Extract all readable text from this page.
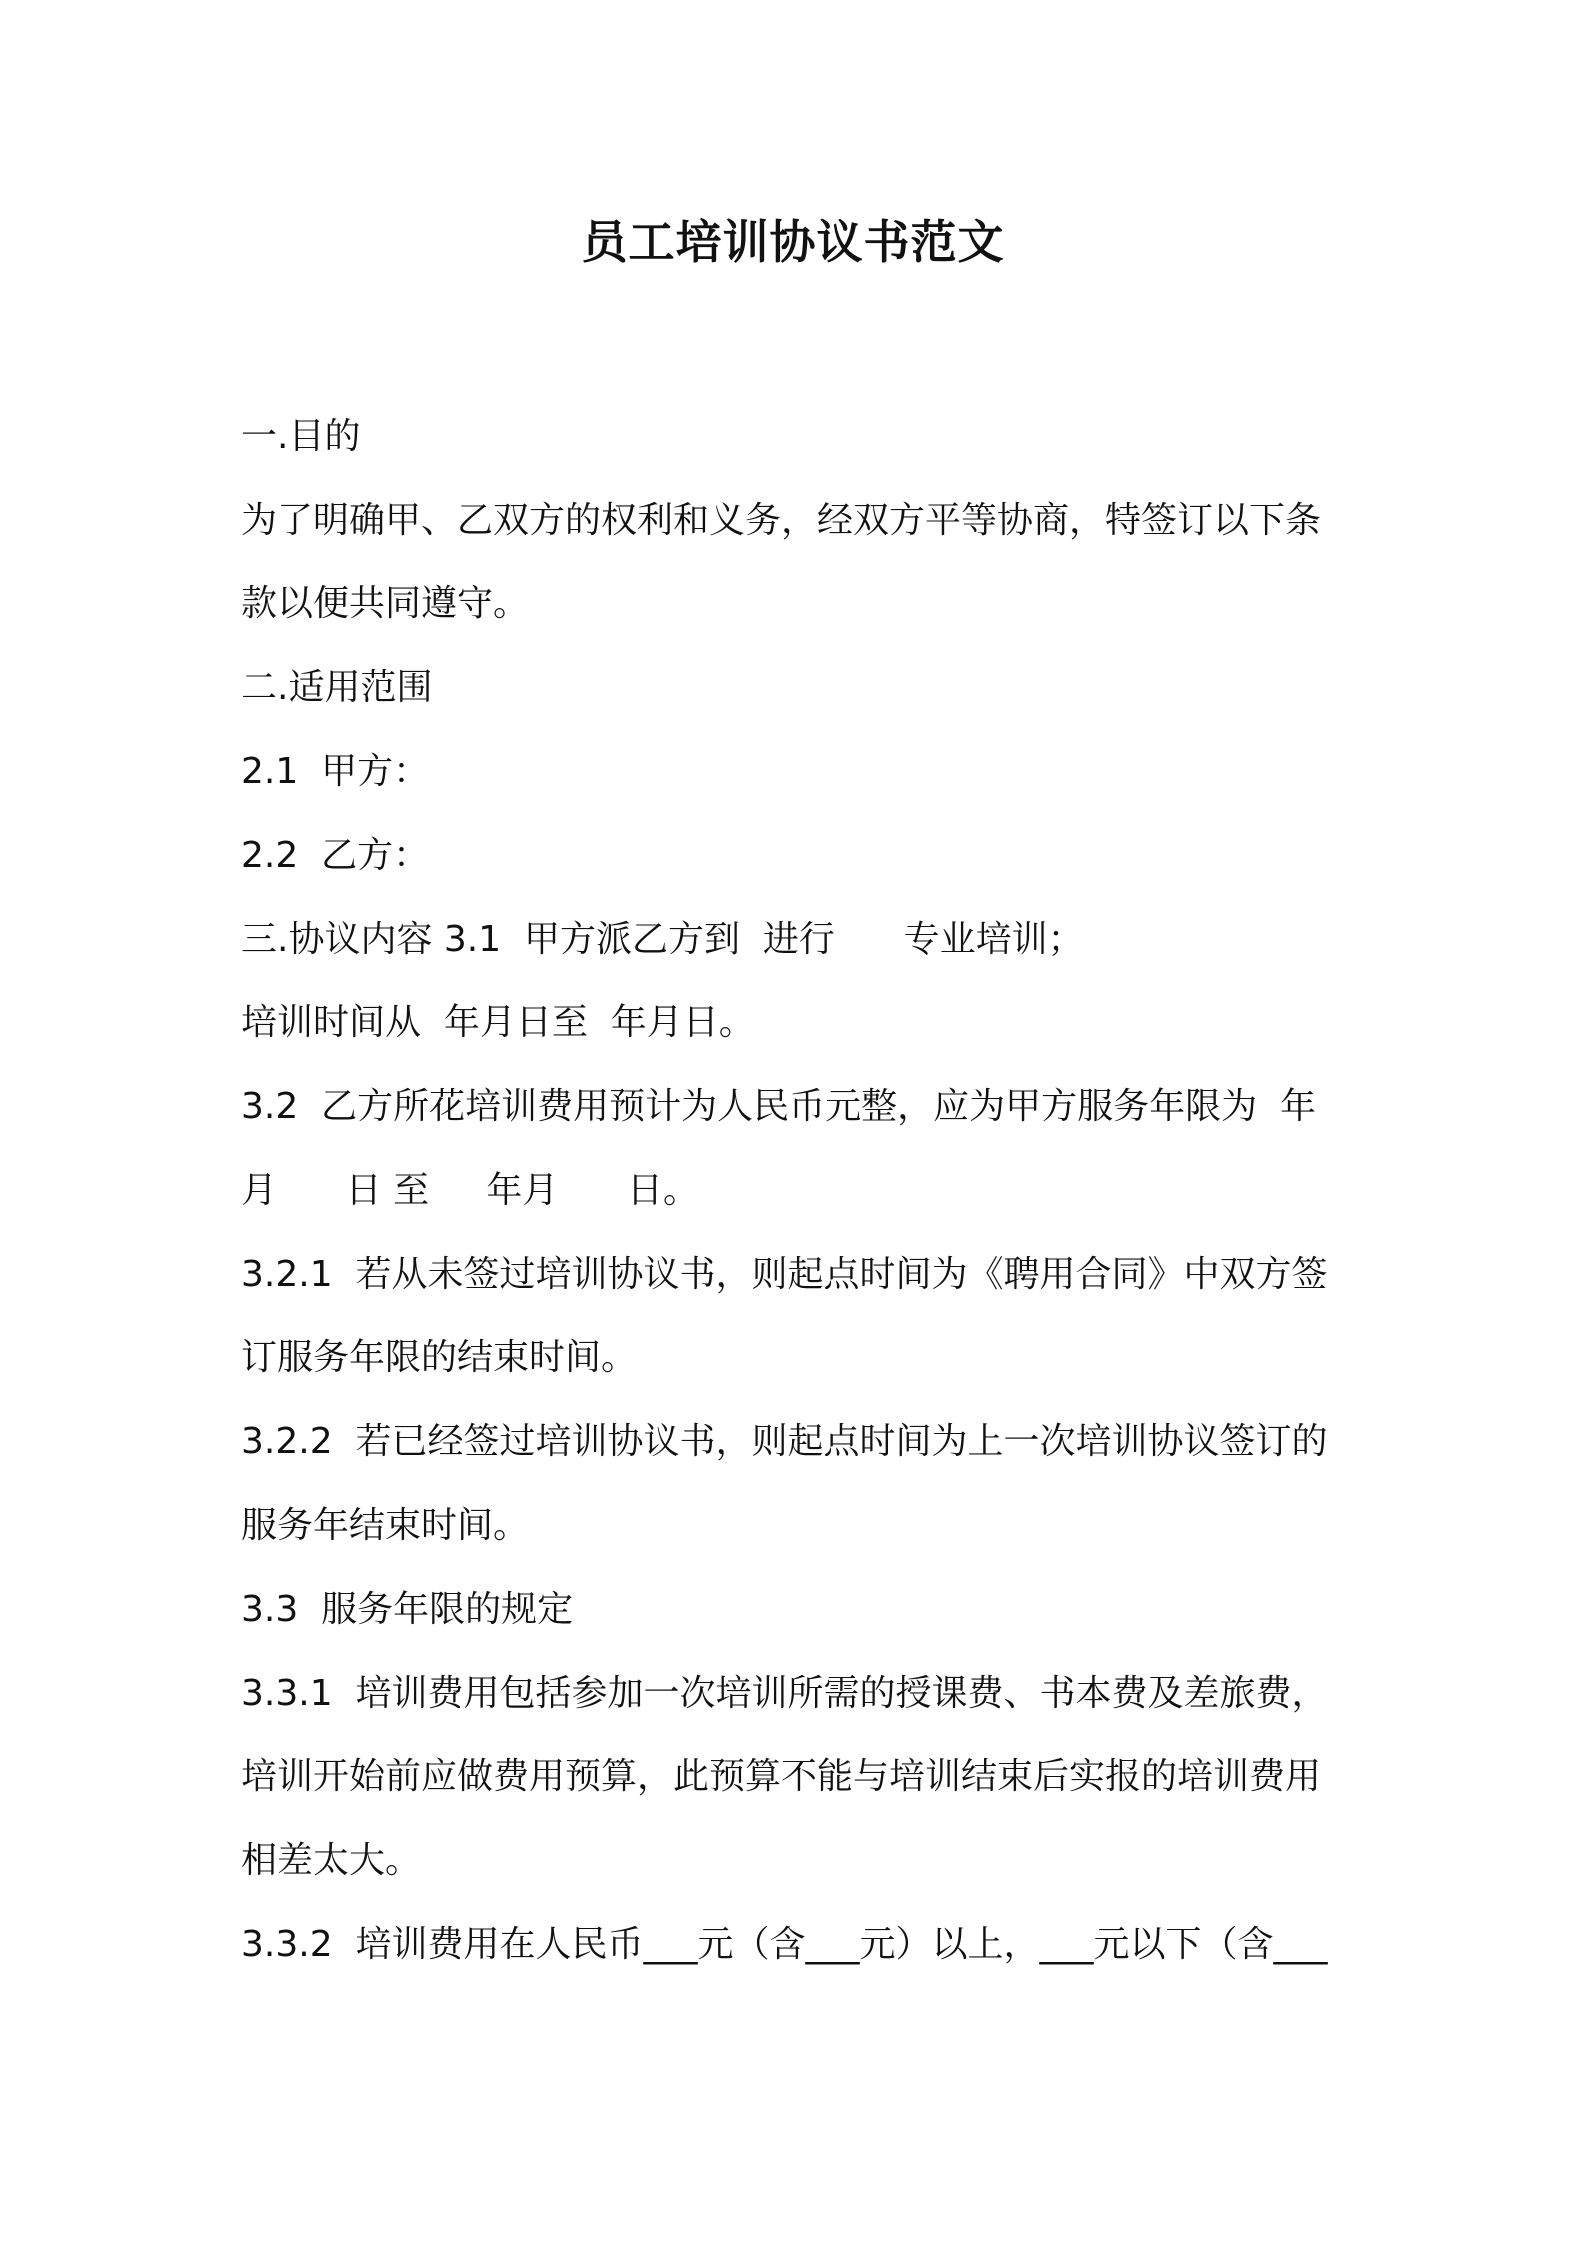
员工培训协议书范文
一.目的
为了明确甲、乙双方的权利和义务，经双方平等协商，特签订以下条
款以便共同遵守。
二.适用范围
2.1  甲方：
2.2  乙方：
三.协议内容 3.1  甲方派乙方到  进行      专业培训；
培训时间从  年月日至  年月日。
3.2  乙方所花培训费用预计为人民币元整，应为甲方服务年限为  年
月      日 至     年月      日。
3.2.1  若从未签过培训协议书，则起点时间为《聘用合同》中双方签
订服务年限的结束时间。
3.2.2  若已经签过培训协议书，则起点时间为上一次培训协议签订的
服务年结束时间。
3.3  服务年限的规定
3.3.1  培训费用包括参加一次培训所需的授课费、书本费及差旅费，
培训开始前应做费用预算，此预算不能与培训结束后实报的培训费用
相差太大。
3.3.2  培训费用在人民币___元（含___元）以上，___元以下（含___
